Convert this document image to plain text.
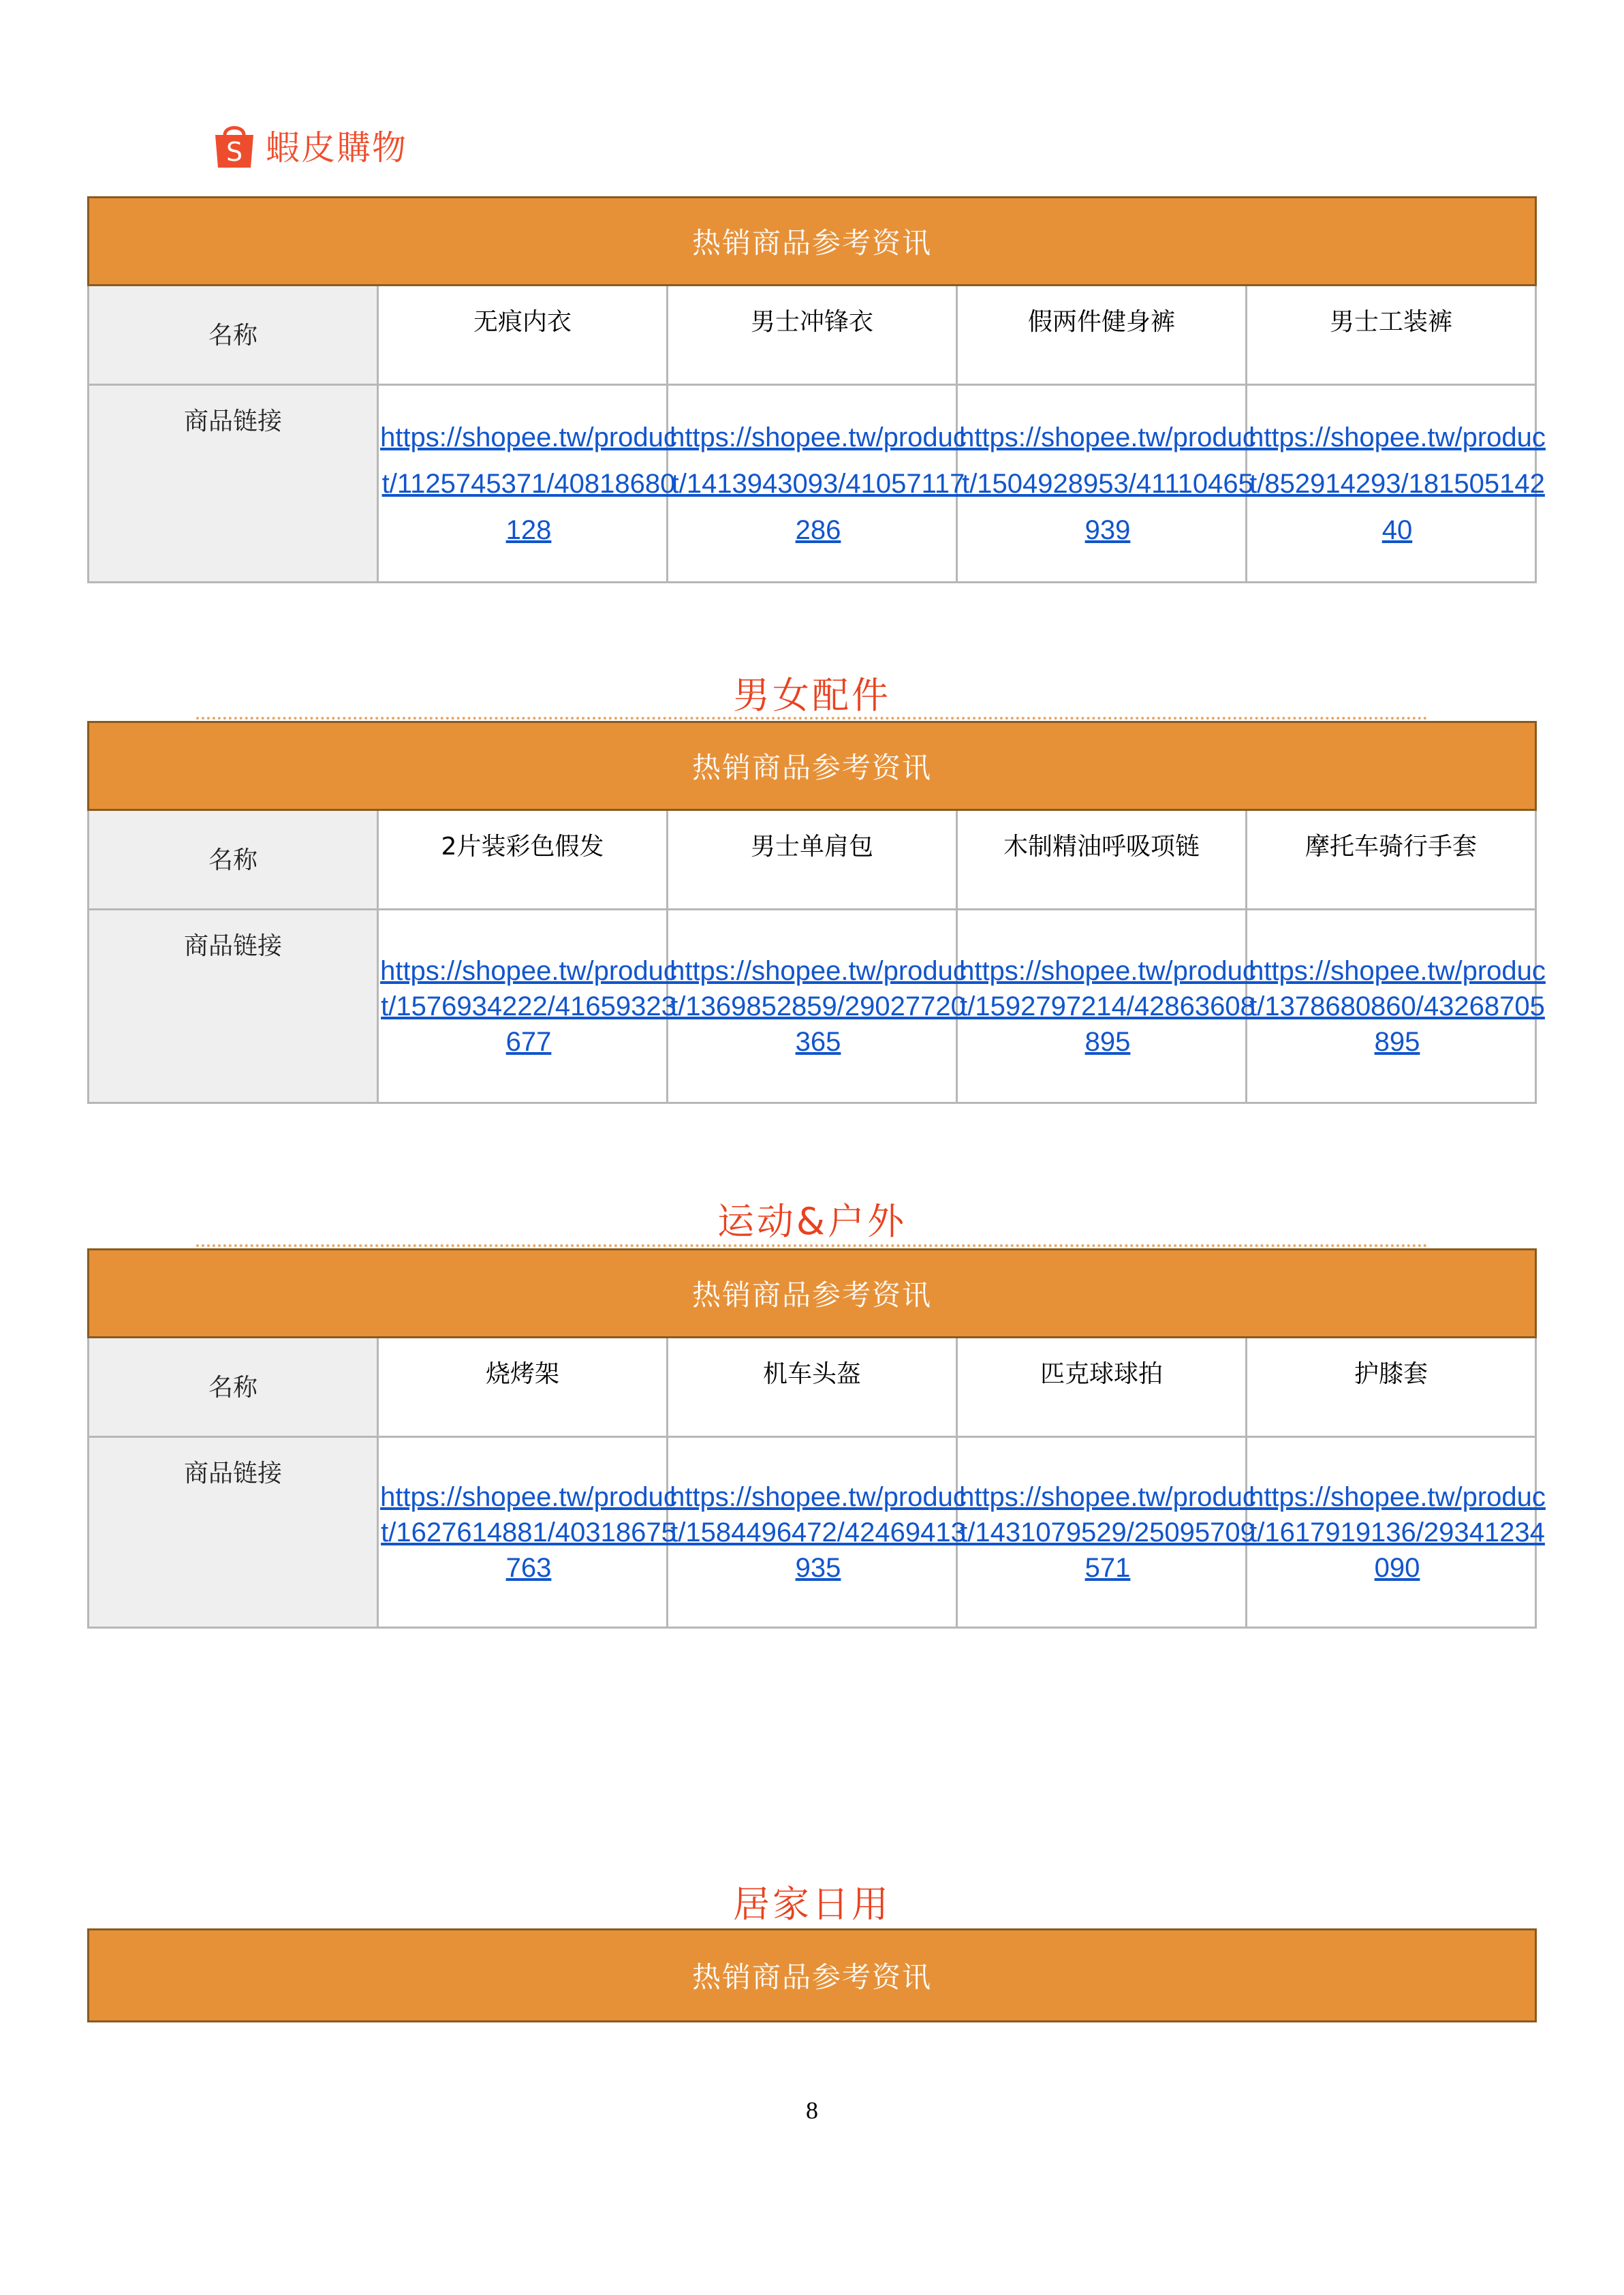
S 蝦皮購物
热销商品参考资讯				
名称	无痕内衣	男士冲锋衣	假两件健身裤	男士工装裤
商品链接	https://shopee.tw/product/1125745371/40818680128	https://shopee.tw/product/1413943093/41057117286	https://shopee.tw/product/1504928953/41110465939	https://shopee.tw/product/852914293/18150514240
男女配件
热销商品参考资讯				
名称	2片装彩色假发	男士单肩包	木制精油呼吸项链	摩托车骑行手套
商品链接	https://shopee.tw/product/1576934222/41659323677	https://shopee.tw/product/1369852859/29027720365	https://shopee.tw/product/1592797214/42863608895	https://shopee.tw/product/1378680860/43268705895
运动&户外
热销商品参考资讯				
名称	烧烤架	机车头盔	匹克球球拍	护膝套
商品链接	https://shopee.tw/product/1627614881/40318675763	https://shopee.tw/product/1584496472/42469413935	https://shopee.tw/product/1431079529/25095709571	https://shopee.tw/product/1617919136/29341234090
居家日用
热销商品参考资讯
8
